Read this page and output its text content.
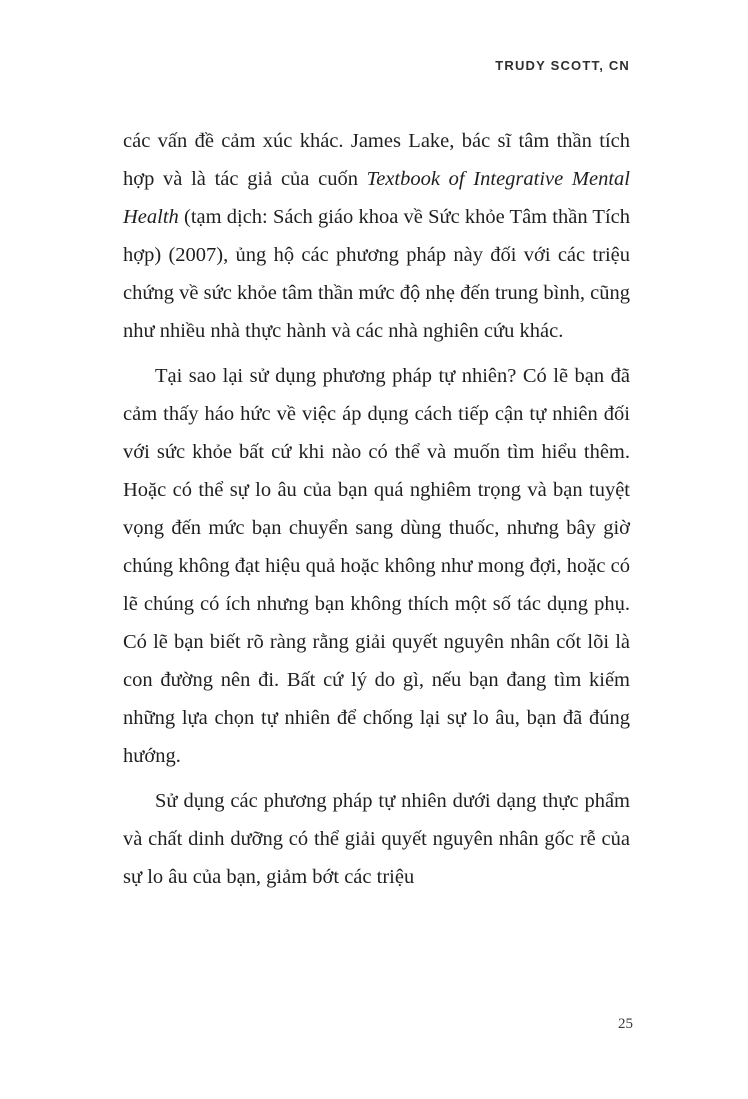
TRUDY SCOTT, CN

các vấn đề cảm xúc khác. James Lake, bác sĩ tâm thần tích hợp và là tác giả của cuốn Textbook of Integrative Mental Health (tạm dịch: Sách giáo khoa về Sức khỏe Tâm thần Tích hợp) (2007), ủng hộ các phương pháp này đối với các triệu chứng về sức khỏe tâm thần mức độ nhẹ đến trung bình, cũng như nhiều nhà thực hành và các nhà nghiên cứu khác.

Tại sao lại sử dụng phương pháp tự nhiên? Có lẽ bạn đã cảm thấy háo hức về việc áp dụng cách tiếp cận tự nhiên đối với sức khỏe bất cứ khi nào có thể và muốn tìm hiểu thêm. Hoặc có thể sự lo âu của bạn quá nghiêm trọng và bạn tuyệt vọng đến mức bạn chuyển sang dùng thuốc, nhưng bây giờ chúng không đạt hiệu quả hoặc không như mong đợi, hoặc có lẽ chúng có ích nhưng bạn không thích một số tác dụng phụ. Có lẽ bạn biết rõ ràng rằng giải quyết nguyên nhân cốt lõi là con đường nên đi. Bất cứ lý do gì, nếu bạn đang tìm kiếm những lựa chọn tự nhiên để chống lại sự lo âu, bạn đã đúng hướng.

Sử dụng các phương pháp tự nhiên dưới dạng thực phẩm và chất dinh dưỡng có thể giải quyết nguyên nhân gốc rễ của sự lo âu của bạn, giảm bớt các triệu

25
